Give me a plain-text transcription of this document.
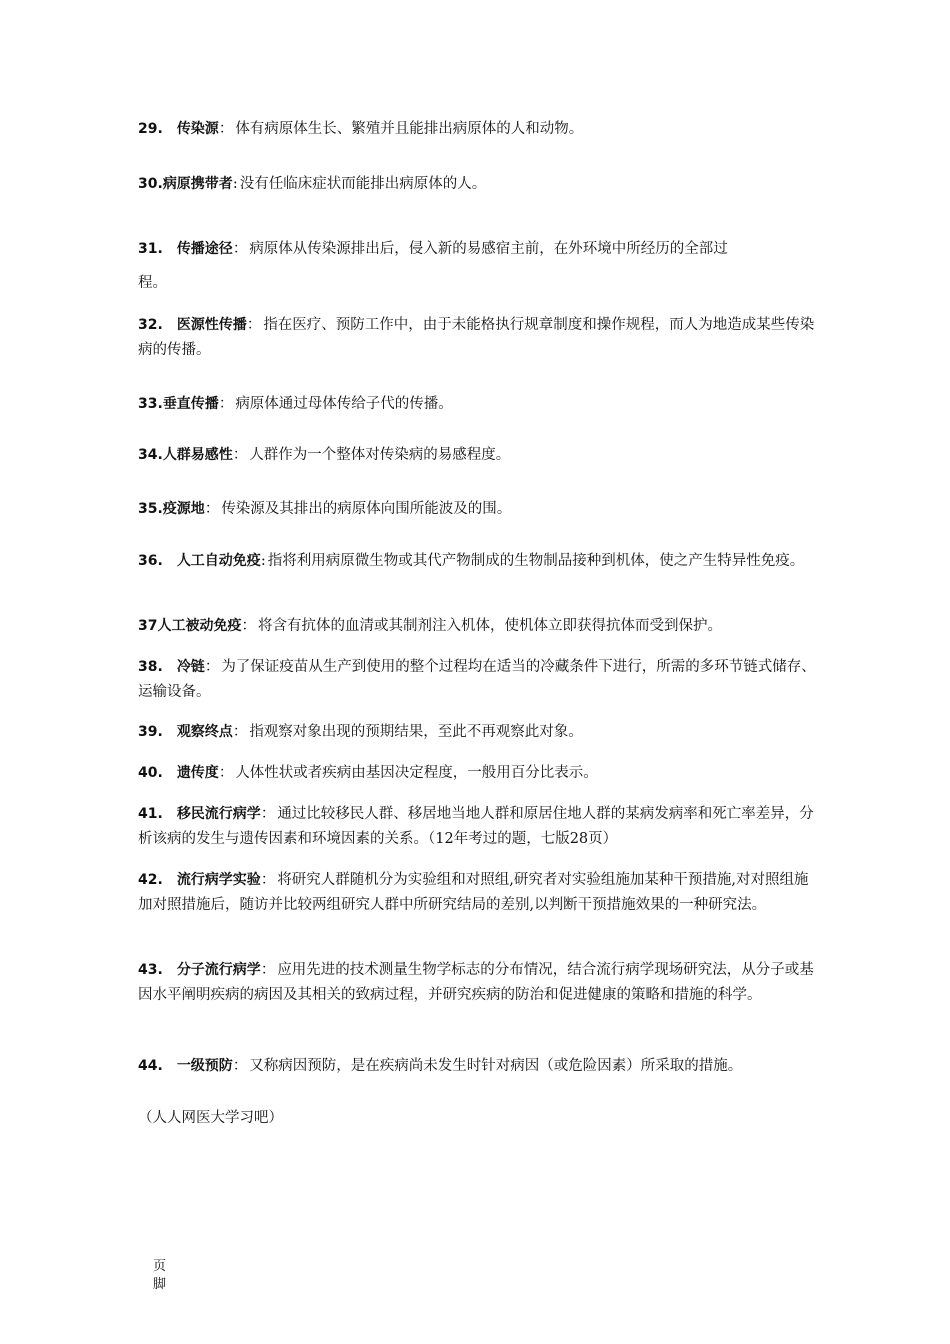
29. 传染源： 体有病原体生长、繁殖并且能排出病原体的人和动物。
30.病原携带者: 没有任临床症状而能排出病原体的人。
31. 传播途径： 病原体从传染源排出后，侵入新的易感宿主前，在外环境中所经历的全部过
程。
32. 医源性传播： 指在医疗、预防工作中，由于未能格执行规章制度和操作规程，而人为地造成某些传染病的传播。
33.垂直传播： 病原体通过母体传给子代的传播。
34.人群易感性： 人群作为一个整体对传染病的易感程度。
35.疫源地： 传染源及其排出的病原体向围所能波及的围。
36. 人工自动免疫: 指将利用病原微生物或其代产物制成的生物制品接种到机体，使之产生特异性免疫。
37人工被动免疫： 将含有抗体的血清或其制剂注入机体，使机体立即获得抗体而受到保护。
38. 冷链： 为了保证疫苗从生产到使用的整个过程均在适当的冷藏条件下进行，所需的多环节链式储存、运输设备。
39. 观察终点： 指观察对象出现的预期结果，至此不再观察此对象。
40. 遗传度： 人体性状或者疾病由基因决定程度，一般用百分比表示。
41. 移民流行病学： 通过比较移民人群、移居地当地人群和原居住地人群的某病发病率和死亡率差异，分析该病的发生与遗传因素和环境因素的关系。（12年考过的题，七版28页）
42. 流行病学实验： 将研究人群随机分为实验组和对照组,研究者对实验组施加某种干预措施,对对照组施加对照措施后，随访并比较两组研究人群中所研究结局的差别,以判断干预措施效果的一种研究法。
43. 分子流行病学： 应用先进的技术测量生物学标志的分布情况，结合流行病学现场研究法，从分子或基因水平阐明疾病的病因及其相关的致病过程，并研究疾病的防治和促进健康的策略和措施的科学。
44. 一级预防： 又称病因预防，是在疾病尚未发生时针对病因（或危险因素）所采取的措施。
（人人网医大学习吧）
页
脚
